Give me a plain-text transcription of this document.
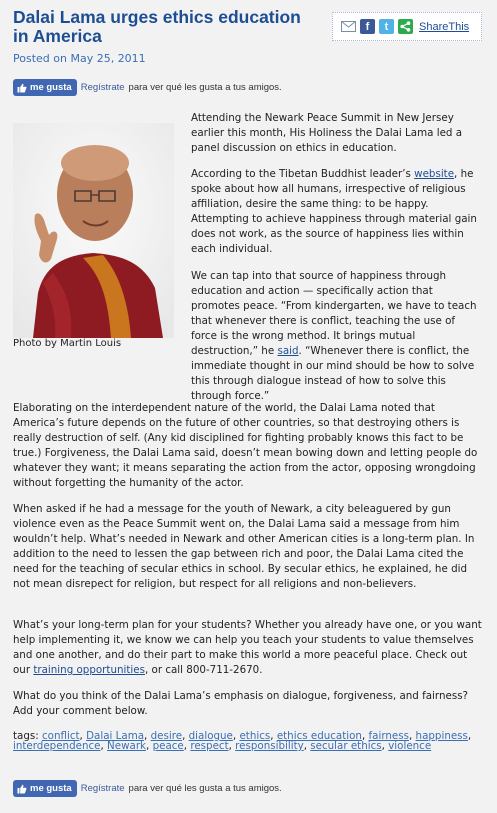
Dalai Lama urges ethics education in America
Posted on May 25, 2011
f	t	ShareThis
me gusta Regístrate para ver qué les gusta a tus amigos.
Photo by Martin Louis

Attending the Newark Peace Summit in New Jersey earlier this month, His Holiness the Dalai Lama led a panel discussion on ethics in education.

According to the Tibetan Buddhist leader’s website, he spoke about how all humans, irrespective of religious affiliation, desire the same thing: to be happy. Attempting to achieve happiness through material gain does not work, as the source of happiness lies within each individual.

We can tap into that source of happiness through education and action — specifically action that promotes peace. “From kindergarten, we have to teach that whenever there is conflict, teaching the use of force is the wrong method. It brings mutual destruction,” he said. “Whenever there is conflict, the immediate thought in our mind should be how to solve this through dialogue instead of how to solve this through force.”

Elaborating on the interdependent nature of the world, the Dalai Lama noted that America’s future depends on the future of other countries, so that destroying others is really destruction of self. (Any kid disciplined for fighting probably knows this fact to be true.) Forgiveness, the Dalai Lama said, doesn’t mean bowing down and letting people do whatever they want; it means separating the action from the actor, opposing wrongdoing without forgetting the humanity of the actor.

When asked if he had a message for the youth of Newark, a city beleaguered by gun violence even as the Peace Summit went on, the Dalai Lama said a message from him wouldn’t help. What’s needed in Newark and other American cities is a long-term plan. In addition to the need to lessen the gap between rich and poor, the Dalai Lama cited the need for the teaching of secular ethics in school. By secular ethics, he explained, he did not mean disrepect for religion, but respect for all religions and non-believers.

What’s your long-term plan for your students? Whether you already have one, or you want help implementing it, we know we can help you teach your students to value themselves and one another, and do their part to make this world a more peaceful place. Check out our training opportunities, or call 800-711-2670.

What do you think of the Dalai Lama’s emphasis on dialogue, forgiveness, and fairness? Add your comment below.

tags: conflict, Dalai Lama, desire, dialogue, ethics, ethics education, fairness, happiness, interdependence, Newark, peace, respect, responsibility, secular ethics, violence
me gusta Regístrate para ver qué les gusta a tus amigos.
